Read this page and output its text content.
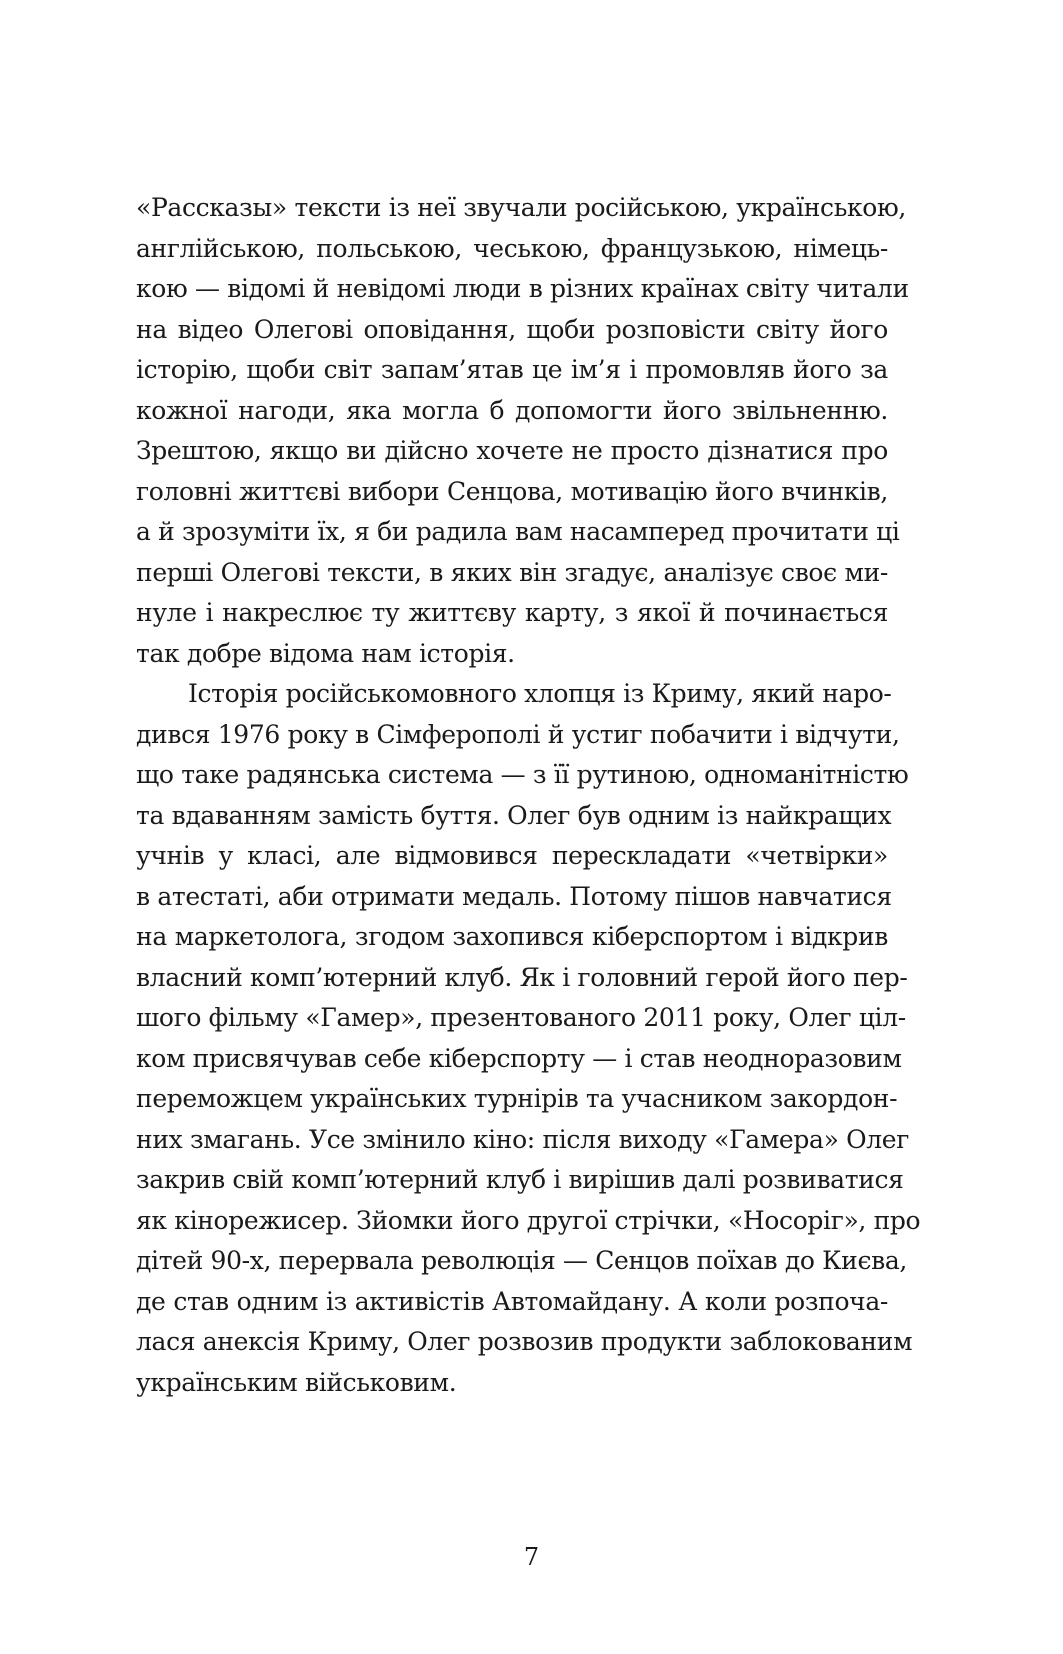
«Рассказы» тексти із неї звучали російською, українською,
англійською, польською, чеською, французькою, німець-
кою — відомі й невідомі люди в різних країнах світу читали
на відео Олегові оповідання, щоби розповісти світу його
історію, щоби світ запам’ятав це ім’я і промовляв його за
кожної нагоди, яка могла б допомогти його звільненню.
Зрештою, якщо ви дійсно хочете не просто дізнатися про
головні життєві вибори Сенцова, мотивацію його вчинків,
а й зрозуміти їх, я би радила вам насамперед прочитати ці
перші Олегові тексти, в яких він згадує, аналізує своє ми-
нуле і накреслює ту життєву карту, з якої й починається
так добре відома нам історія.
Історія російськомовного хлопця із Криму, який наро-
дився 1976 року в Сімферополі й устиг побачити і відчути,
що таке радянська система — з її рутиною, одноманітністю
та вдаванням замість буття. Олег був одним із найкращих
учнів у класі, але відмовився перескладати «четвірки»
в атестаті, аби отримати медаль. Потому пішов навчатися
на маркетолога, згодом захопився кіберспортом і відкрив
власний комп’ютерний клуб. Як і головний герой його пер-
шого фільму «Гамер», презентованого 2011 року, Олег ціл-
ком присвячував себе кіберспорту — і став неодноразовим
переможцем українських турнірів та учасником закордон-
них змагань. Усе змінило кіно: після виходу «Гамера» Олег
закрив свій комп’ютерний клуб і вирішив далі розвиватися
як кінорежисер. Зйомки його другої стрічки, «Носоріг», про
дітей 90-х, перервала революція — Сенцов поїхав до Києва,
де став одним із активістів Автомайдану. А коли розпоча-
лася анексія Криму, Олег розвозив продукти заблокованим
українським військовим.
7
